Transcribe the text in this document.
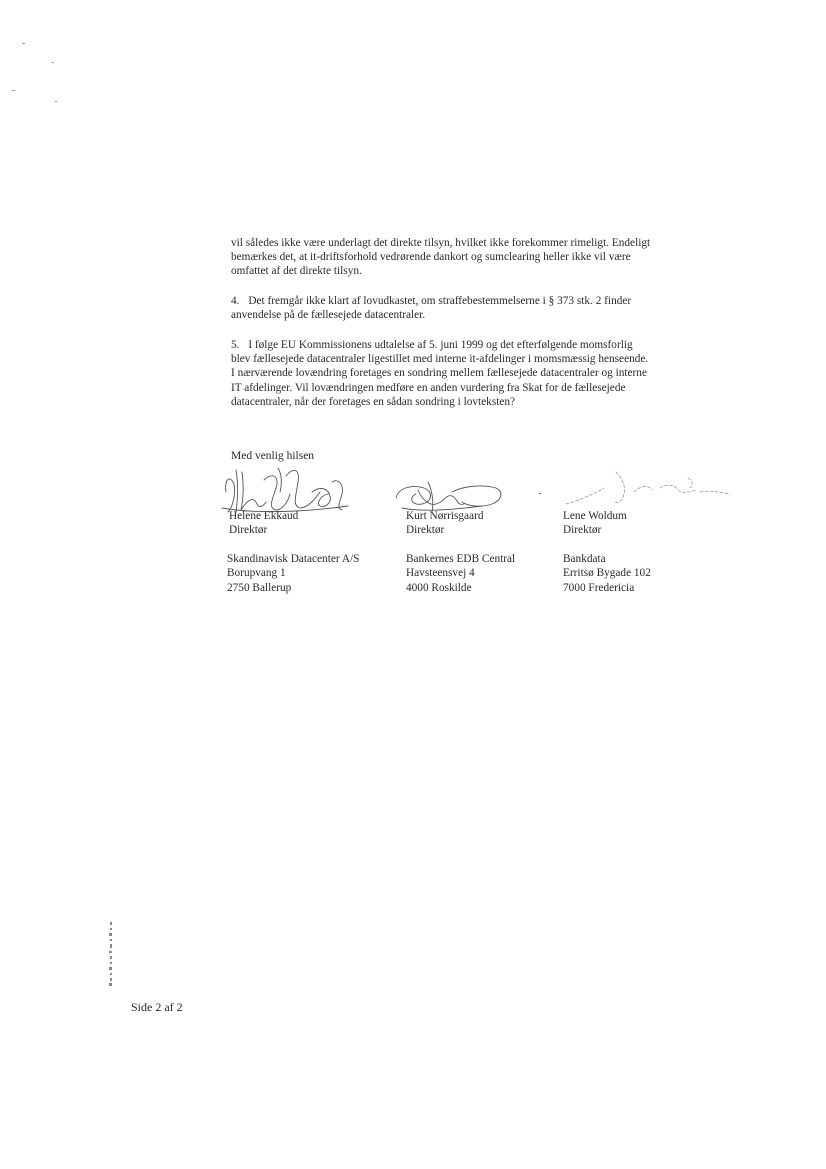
vil således ikke være underlagt det direkte tilsyn, hvilket ikke forekommer rimeligt. Endeligt
bemærkes det, at it-driftsforhold vedrørende dankort og sumclearing heller ikke vil være
omfattet af det direkte tilsyn.

4. Det fremgår ikke klart af lovudkastet, om straffebestemmelserne i § 373 stk. 2 finder
anvendelse på de fællesejede datacentraler.

5. I følge EU Kommissionens udtalelse af 5. juni 1999 og det efterfølgende momsforlig
blev fællesejede datacentraler ligestillet med interne it-afdelinger i momsmæssig henseende.
I nærværende lovændring foretages en sondring mellem fællesejede datacentraler og interne
IT afdelinger. Vil lovændringen medføre en anden vurdering fra Skat for de fællesejede
datacentraler, når der foretages en sådan sondring i lovteksten?

Med venlig hilsen
Helene Ekkaud
Direktør
Kurt Nørrisgaard
Direktør
Lene Woldum
Direktør
Skandinavisk Datacenter A/S
Borupvang 1
2750 Ballerup
Bankernes EDB Central
Havsteensvej 4
4000 Roskilde
Bankdata
Erritsø Bygade 102
7000 Fredericia
Side 2 af 2
